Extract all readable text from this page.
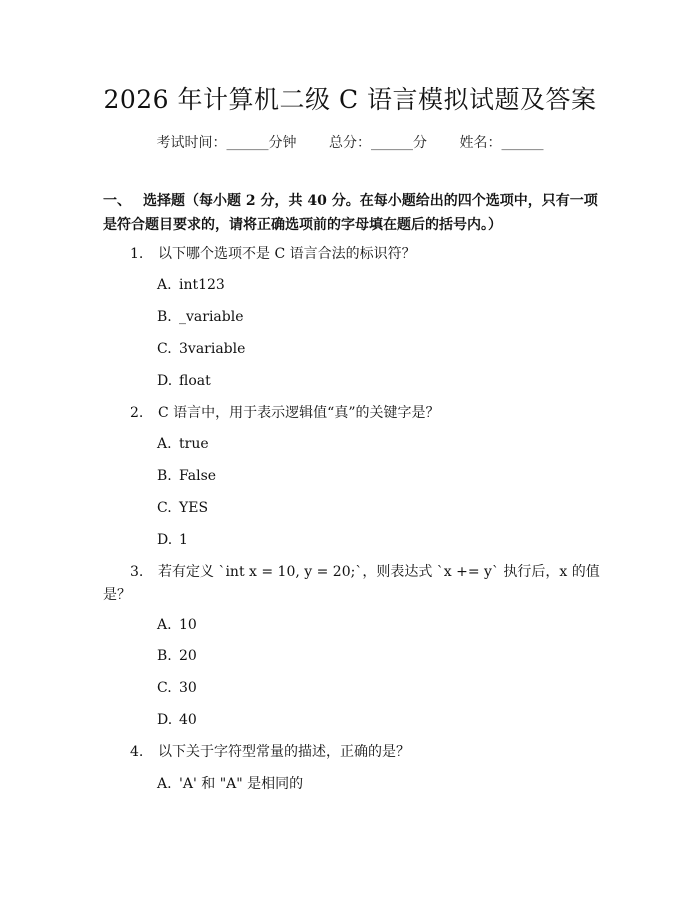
2026 年计算机二级 C 语言模拟试题及答案
考试时间：______分钟 总分：______分 姓名：______
一、 选择题（每小题 2 分，共 40 分。在每小题给出的四个选项中，只有一项是符合题目要求的，请将正确选项前的字母填在题后的括号内。）
1. 以下哪个选项不是 C 语言合法的标识符？
A. int123
B. _variable
C. 3variable
D. float
2. C 语言中，用于表示逻辑值“真”的关键字是？
A. true
B. False
C. YES
D. 1
3. 若有定义 `int x = 10, y = 20;`，则表达式 `x += y` 执行后，x 的值
是？
A. 10
B. 20
C. 30
D. 40
4. 以下关于字符型常量的描述，正确的是？
A. 'A' 和 "A" 是相同的
